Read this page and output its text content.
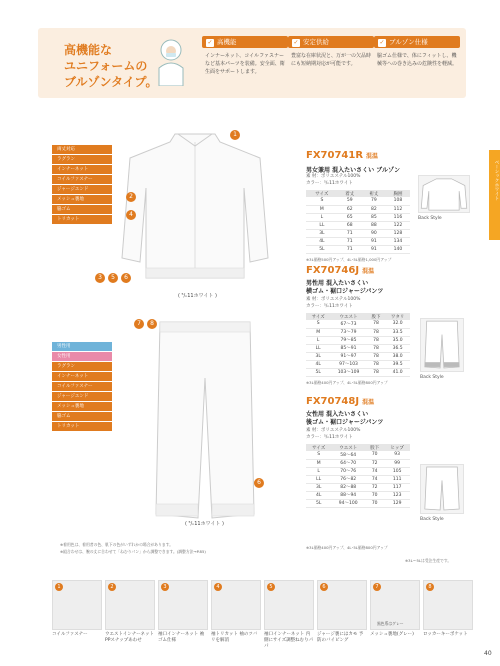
高機能な
ユニフォームの
ブルゾンタイプ。
✓ 高機能
インナーネット、コイルファスナーなど基本パーツを装備。安全面、衛生面をサポートします。
✓ 安定供給
豊富な在庫状況と、万が一の欠品時にも短納期対応が可能です。
✓ ブルゾン仕様
脇ゴム仕様で、体にフィットし、機械等への巻き込みの危険性を軽減。
ベーシックホワイト
両丈対応
ラグラン
インナーネット
コイルファスナー
ジャージエンド
メッシュ裏地
脇ゴム
トリカット
1
2
4
3	5	6
( ⁵/ₙ11ホワイト )
FX70741R 混温
男女兼用 混入たいさくい ブルゾン
素 材：ポリエステル100%
カラー：⁵/ₙ11ホワイト
サイズ	着丈	裄丈	胸囲
S	59	79	108
M	62	82	112
L	65	85	116
LL	68	88	122
3L	71	90	128
4L	71	91	134
5L	71	91	140
※3L価格500円アップ、4L･5L価格1,000円アップ
Back Style
男性用
女性用
ラグラン
インナーネット
コイルファスナー
ジャージエンド
メッシュ裏地
脇ゴム
トリカット
7	8
6
( ⁵/ₙ11ホワイト )
FX70746J 混温
男性用 混入たいさくい
横ゴム・裾口ジャージパンツ
素 材：ポリエステル100%
カラー：⁵/ₙ11ホワイト
サイズ	ウエスト	股下	ワタリ
S	67～73	78	32.0
M	73～79	78	33.5
L	79～85	78	35.0
LL	85～91	78	36.5
3L	91～97	78	38.0
4L	97～103	78	39.5
5L	103～109	78	41.0
※3L価格400円アップ、4L･5L価格800円アップ
Back Style
FX70748J 混温
女性用 混入たいさくい
後ゴム・裾口ジャージパンツ
素 材：ポリエステル100%
カラー：⁵/ₙ11ホワイト
サイズ	ウエスト	股下	ヒップ
S	58～64	70	93
M	64～70	72	99
L	70～76	74	105
LL	76～82	74	111
3L	82～88	72	117
4L	88～94	70	123
5L	94～100	70	129
※3L価格400円アップ、4L･5L価格800円アップ
Back Style
※着用色は、着用者の色、肌下の色がいずれかの場合があります。
※組合わせは、腕の丈に合わせて「ねむりパン」から調整できます。(調整方法→P.85)
※3L～5Lは受注生産です。
1	2	3	4	5	6	7
黒色系はグレー
8
コイルファスナー	ウエストインナーネット PPスナップあわせ
袖口インナーネット 袖ゴム仕様
袖トリカット 袖のツバリを解消
袖口インナーネット 内側にサイズ調整ねむりパパ
ジャージ裏にはカモ 予防のバイピング
メッシュ裏地(グレー)	ロッカーキーポケット
40
